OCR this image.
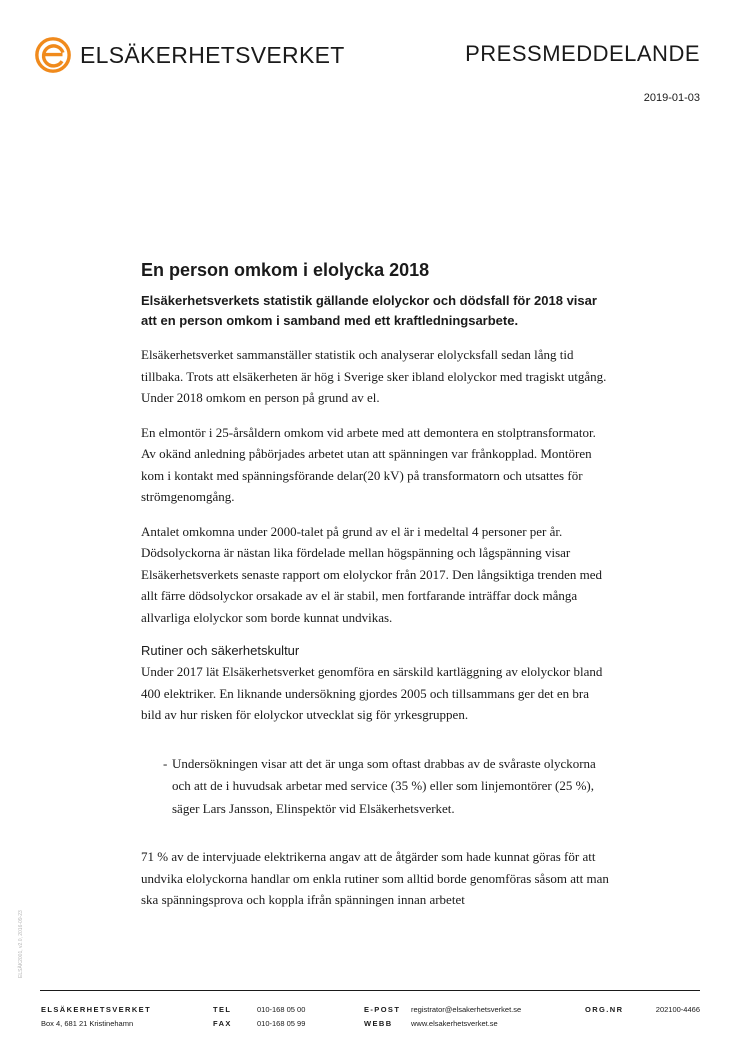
ELSÄKERHETSVERKET	PRESSMEDDELANDE
2019-01-03
En person omkom i elolycka 2018

Elsäkerhetsverkets statistik gällande elolyckor och dödsfall för 2018 visar att en person omkom i samband med ett kraftledningsarbete.

Elsäkerhetsverket sammanställer statistik och analyserar elolycksfall sedan lång tid tillbaka. Trots att elsäkerheten är hög i Sverige sker ibland elolyckor med tragiskt utgång. Under 2018 omkom en person på grund av el.

En elmontör i 25-årsåldern omkom vid arbete med att demontera en stolptransformator. Av okänd anledning påbörjades arbetet utan att spänningen var frånkopplad. Montören kom i kontakt med spänningsförande delar(20 kV) på transformatorn och utsattes för strömgenomgång.

Antalet omkomna under 2000-talet på grund av el är i medeltal 4 personer per år. Dödsolyckorna är nästan lika fördelade mellan högspänning och lågspänning visar Elsäkerhetsverkets senaste rapport om elolyckor från 2017. Den långsiktiga trenden med allt färre dödsolyckor orsakade av el är stabil, men fortfarande inträffar dock många allvarliga elolyckor som borde kunnat undvikas.

Rutiner och säkerhetskultur

Under 2017 lät Elsäkerhetsverket genomföra en särskild kartläggning av elolyckor bland 400 elektriker. En liknande undersökning gjordes 2005 och tillsammans ger det en bra bild av hur risken för elolyckor utvecklat sig för yrkesgruppen.

- Undersökningen visar att det är unga som oftast drabbas av de svåraste olyckorna och att de i huvudsak arbetar med service (35 %) eller som linjemontörer (25 %), säger Lars Jansson, Elinspektör vid Elsäkerhetsverket.

71 % av de intervjuade elektrikerna angav att de åtgärder som hade kunnat göras för att undvika elolyckorna handlar om enkla rutiner som alltid borde genomföras såsom att man ska spänningsprova och koppla ifrån spänningen innan arbetet

ELSÄK2001, v2.0, 2016-09-23
ELSÄKERHETSVERKET
Box 4, 681 21 Kristinehamn
TEL
FAX
010-168 05 00
010-168 05 99
E-POST
WEBB
registrator@elsakerhetsverket.se
www.elsakerhetsverket.se
ORG.NR	202100-4466
